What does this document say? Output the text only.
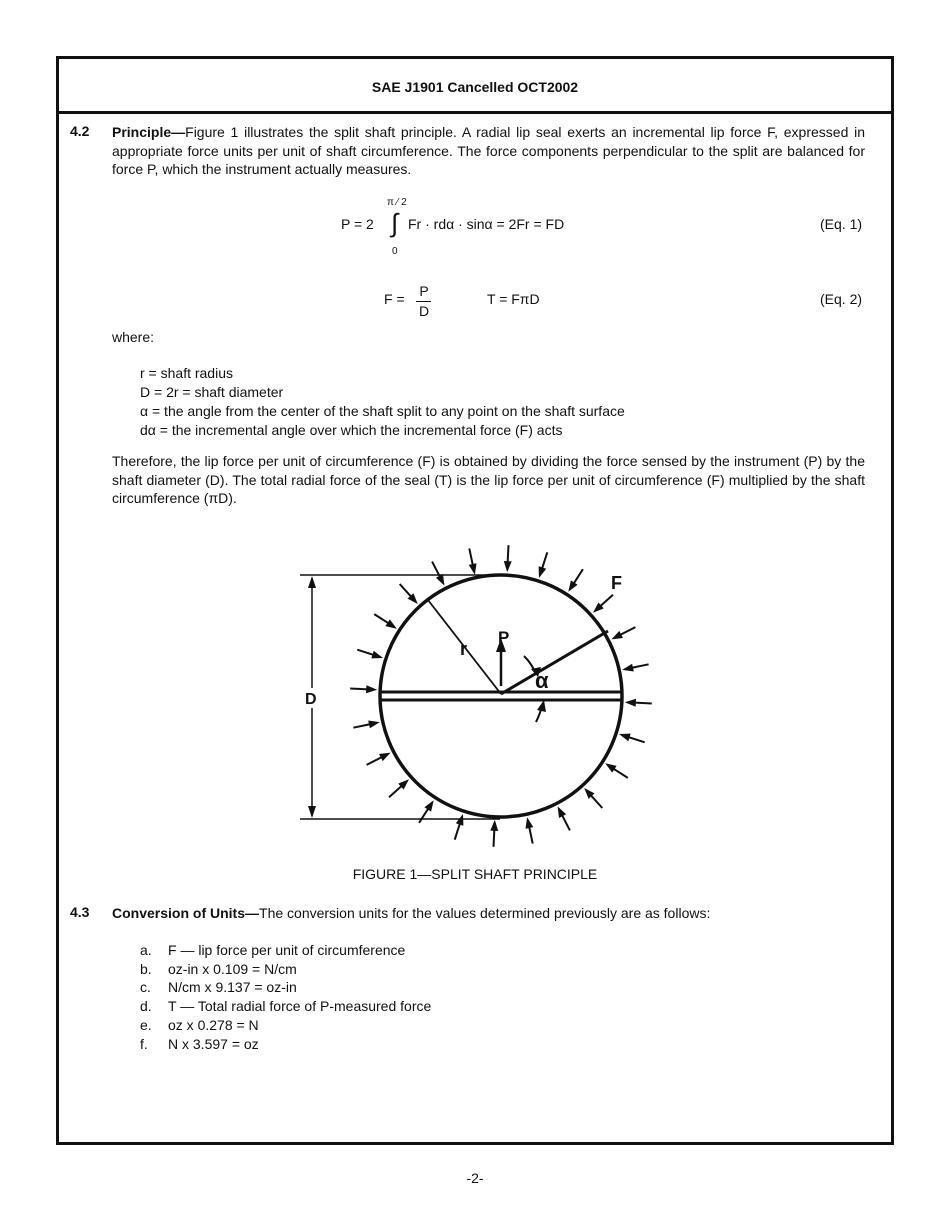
SAE J1901 Cancelled OCT2002
4.2 Principle—Figure 1 illustrates the split shaft principle. A radial lip seal exerts an incremental lip force F, expressed in appropriate force units per unit of shaft circumference. The force components perpendicular to the split are balanced for force P, which the instrument actually measures.
π ⁄ 2
P = 2 ∫ Fr · rdα · sinα = 2Fr = FD
0
(Eq. 1)
F = P
D
T = FπD	(Eq. 2)
where:
r = shaft radius
D = 2r = shaft diameter
α = the angle from the center of the shaft split to any point on the shaft surface
dα = the incremental angle over which the incremental force (F) acts
Therefore, the lip force per unit of circumference (F) is obtained by dividing the force sensed by the instrument (P) by the shaft diameter (D). The total radial force of the seal (T) is the lip force per unit of circumference (F) multiplied by the shaft circumference (πD).
F
P
r
α
D
FIGURE 1—SPLIT SHAFT PRINCIPLE
4.3 Conversion of Units—The conversion units for the values determined previously are as follows:
a.	F — lip force per unit of circumference
b.	oz-in x 0.109 = N/cm
c.	N/cm x 9.137 = oz-in
d.	T — Total radial force of P-measured force
e.	oz x 0.278 = N
f.	N x 3.597 = oz
-2-
